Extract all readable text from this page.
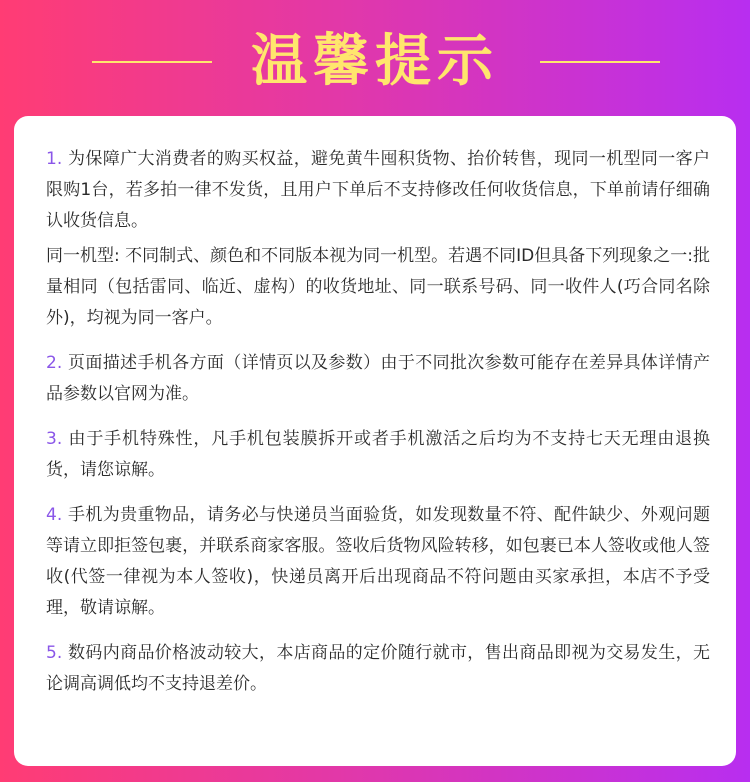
温馨提示

1. 为保障广大消费者的购买权益，避免黄牛囤积货物、抬价转售，现同一机型同一客户限购1台，若多拍一律不发货，且用户下单后不支持修改任何收货信息，下单前请仔细确认收货信息。

同一机型: 不同制式、颜色和不同版本视为同一机型。若遇不同ID但具备下列现象之一:批量相同（包括雷同、临近、虚构）的收货地址、同一联系号码、同一收件人(巧合同名除外)，均视为同一客户。

2. 页面描述手机各方面（详情页以及参数）由于不同批次参数可能存在差异具体详情产品参数以官网为准。

3. 由于手机特殊性，凡手机包装膜拆开或者手机激活之后均为不支持七天无理由退换货，请您谅解。

4. 手机为贵重物品，请务必与快递员当面验货，如发现数量不符、配件缺少、外观问题等请立即拒签包裹，并联系商家客服。签收后货物风险转移，如包裹已本人签收或他人签收(代签一律视为本人签收)，快递员离开后出现商品不符问题由买家承担，本店不予受理，敬请谅解。

5. 数码内商品价格波动较大，本店商品的定价随行就市，售出商品即视为交易发生，无论调高调低均不支持退差价。
